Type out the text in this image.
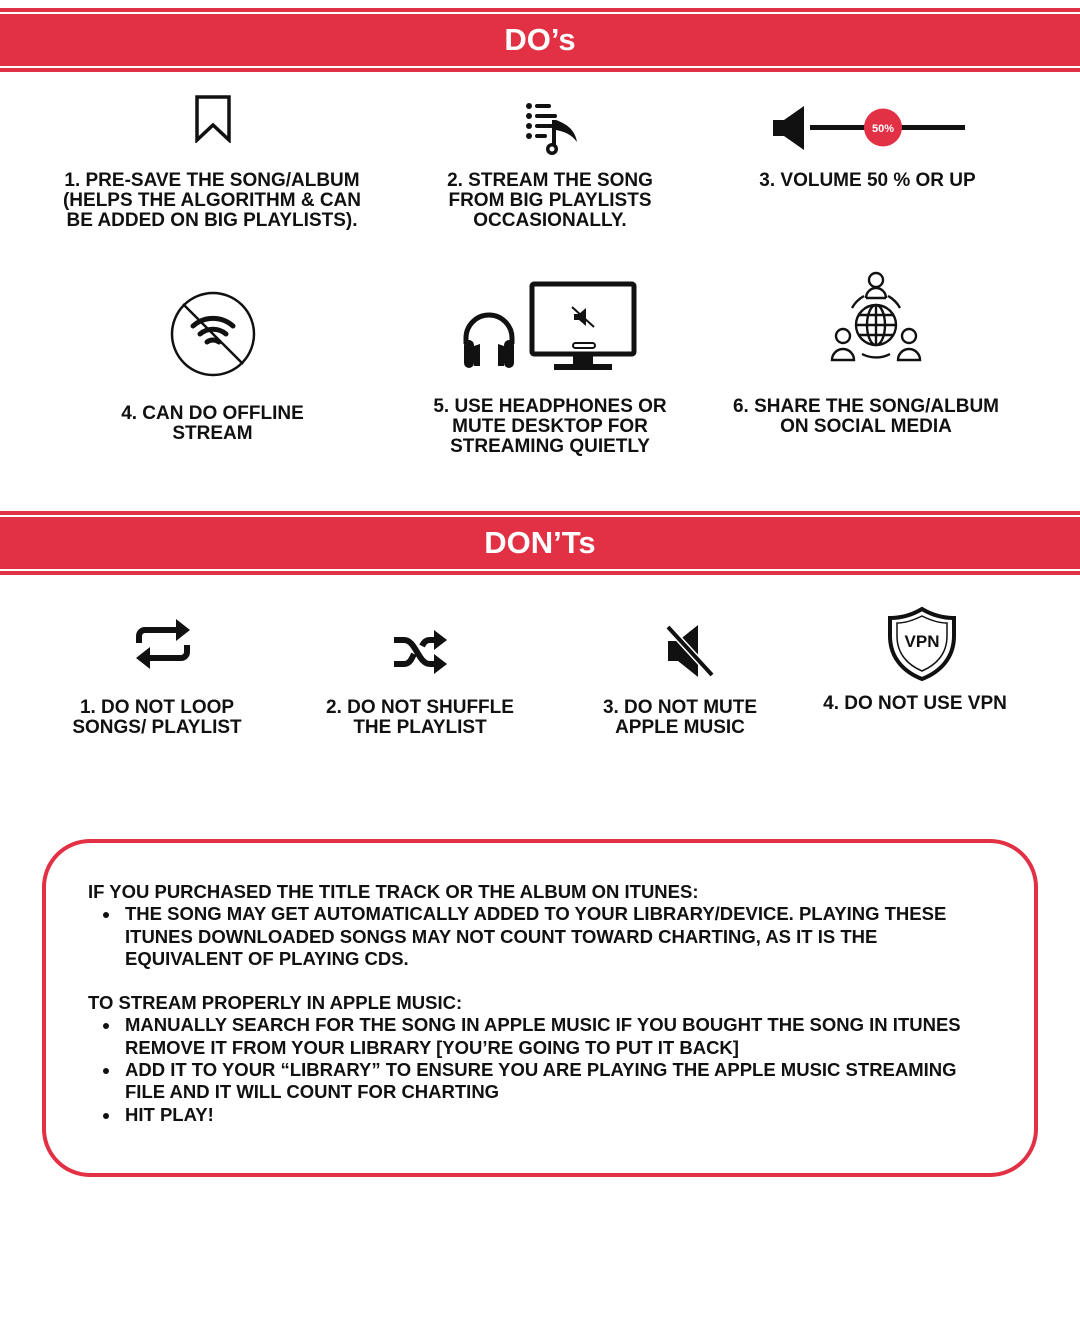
DO’s
1. PRE-SAVE THE SONG/ALBUM
(HELPS THE ALGORITHM & CAN
BE ADDED ON BIG PLAYLISTS).
2. STREAM THE SONG
FROM BIG PLAYLISTS
OCCASIONALLY.
50%
3. VOLUME 50 % OR UP
4. CAN DO OFFLINE
STREAM
5. USE HEADPHONES OR
MUTE DESKTOP FOR
STREAMING QUIETLY
6. SHARE THE SONG/ALBUM
ON SOCIAL MEDIA
DON’Ts
1. DO NOT LOOP
SONGS/ PLAYLIST
2. DO NOT SHUFFLE
THE PLAYLIST
3. DO NOT MUTE
APPLE MUSIC
VPN
4. DO NOT USE VPN
IF YOU PURCHASED THE TITLE TRACK OR THE ALBUM ON ITUNES:
• THE SONG MAY GET AUTOMATICALLY ADDED TO YOUR LIBRARY/DEVICE. PLAYING THESE ITUNES DOWNLOADED SONGS MAY NOT COUNT TOWARD CHARTING, AS IT IS THE EQUIVALENT OF PLAYING CDS.
TO STREAM PROPERLY IN APPLE MUSIC:
• MANUALLY SEARCH FOR THE SONG IN APPLE MUSIC IF YOU BOUGHT THE SONG IN ITUNES REMOVE IT FROM YOUR LIBRARY [YOU’RE GOING TO PUT IT BACK]
• ADD IT TO YOUR “LIBRARY” TO ENSURE YOU ARE PLAYING THE APPLE MUSIC STREAMING FILE AND IT WILL COUNT FOR CHARTING
• HIT PLAY!
